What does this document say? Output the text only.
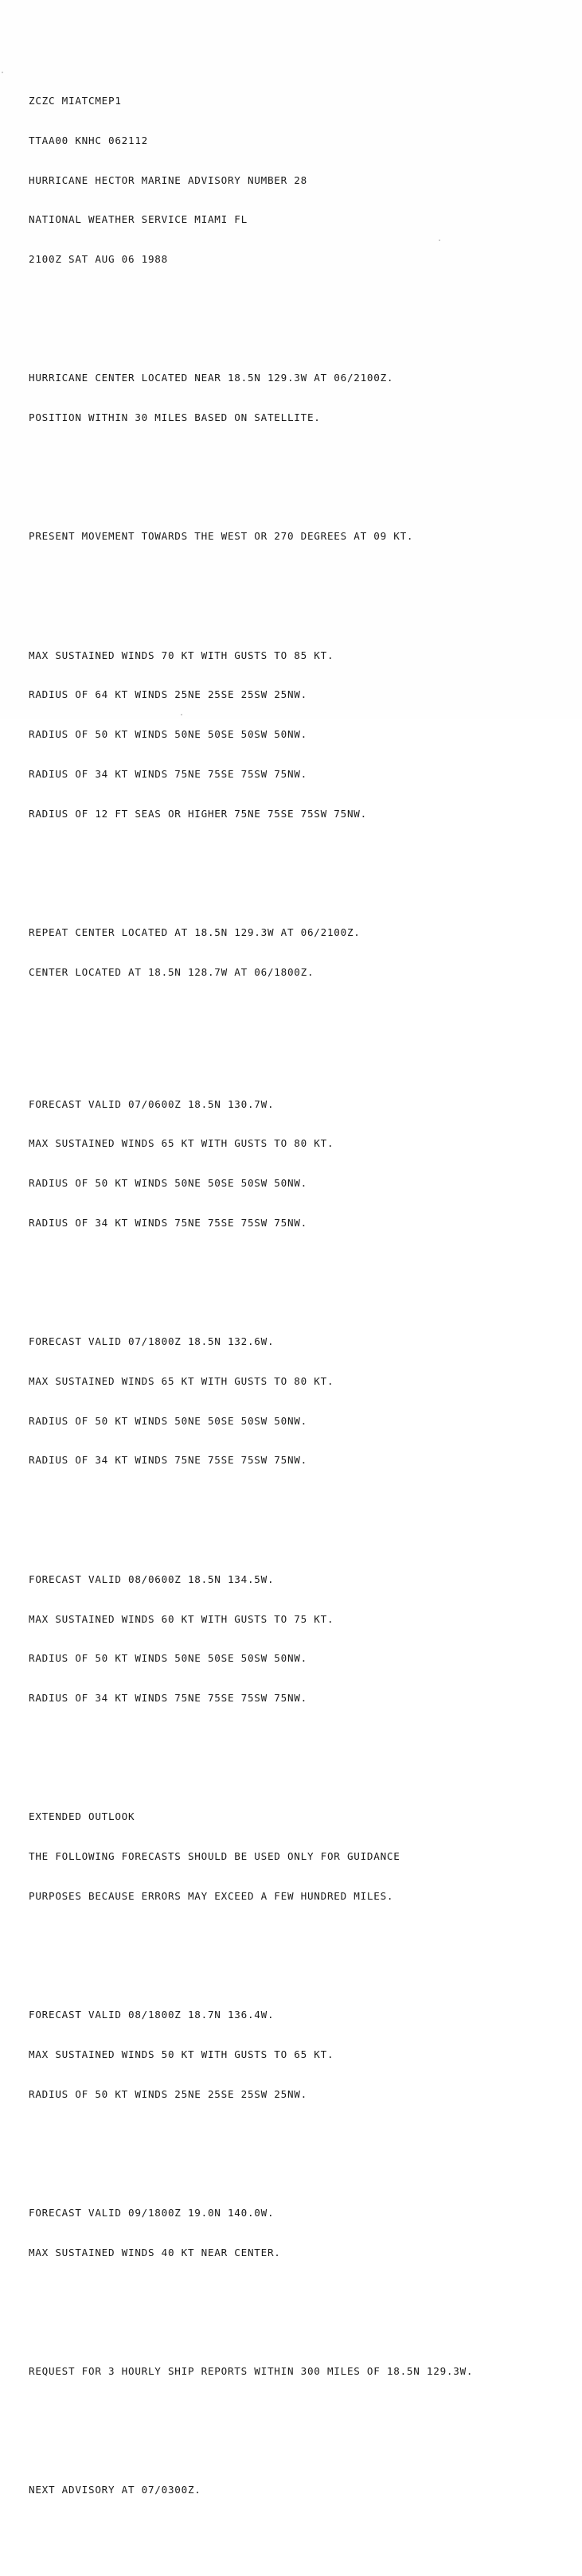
ZCZC MIATCMEP1

TTAA00 KNHC 062112

HURRICANE HECTOR MARINE ADVISORY NUMBER 28

NATIONAL WEATHER SERVICE MIAMI FL

2100Z SAT AUG 06 1988

HURRICANE CENTER LOCATED NEAR 18.5N 129.3W AT 06/2100Z.

POSITION WITHIN 30 MILES BASED ON SATELLITE.

PRESENT MOVEMENT TOWARDS THE WEST OR 270 DEGREES AT 09 KT.

MAX SUSTAINED WINDS 70 KT WITH GUSTS TO 85 KT.

RADIUS OF 64 KT WINDS 25NE 25SE 25SW 25NW.

RADIUS OF 50 KT WINDS 50NE 50SE 50SW 50NW.

RADIUS OF 34 KT WINDS 75NE 75SE 75SW 75NW.

RADIUS OF 12 FT SEAS OR HIGHER 75NE 75SE 75SW 75NW.

REPEAT CENTER LOCATED AT 18.5N 129.3W AT 06/2100Z.

CENTER LOCATED AT 18.5N 128.7W AT 06/1800Z.

FORECAST VALID 07/0600Z 18.5N 130.7W.

MAX SUSTAINED WINDS 65 KT WITH GUSTS TO 80 KT.

RADIUS OF 50 KT WINDS 50NE 50SE 50SW 50NW.

RADIUS OF 34 KT WINDS 75NE 75SE 75SW 75NW.

FORECAST VALID 07/1800Z 18.5N 132.6W.

MAX SUSTAINED WINDS 65 KT WITH GUSTS TO 80 KT.

RADIUS OF 50 KT WINDS 50NE 50SE 50SW 50NW.

RADIUS OF 34 KT WINDS 75NE 75SE 75SW 75NW.

FORECAST VALID 08/0600Z 18.5N 134.5W.

MAX SUSTAINED WINDS 60 KT WITH GUSTS TO 75 KT.

RADIUS OF 50 KT WINDS 50NE 50SE 50SW 50NW.

RADIUS OF 34 KT WINDS 75NE 75SE 75SW 75NW.

EXTENDED OUTLOOK

THE FOLLOWING FORECASTS SHOULD BE USED ONLY FOR GUIDANCE

PURPOSES BECAUSE ERRORS MAY EXCEED A FEW HUNDRED MILES.

FORECAST VALID 08/1800Z 18.7N 136.4W.

MAX SUSTAINED WINDS 50 KT WITH GUSTS TO 65 KT.

RADIUS OF 50 KT WINDS 25NE 25SE 25SW 25NW.

FORECAST VALID 09/1800Z 19.0N 140.0W.

MAX SUSTAINED WINDS 40 KT NEAR CENTER.

REQUEST FOR 3 HOURLY SHIP REPORTS WITHIN 300 MILES OF 18.5N 129.3W.

NEXT ADVISORY AT 07/0300Z.
